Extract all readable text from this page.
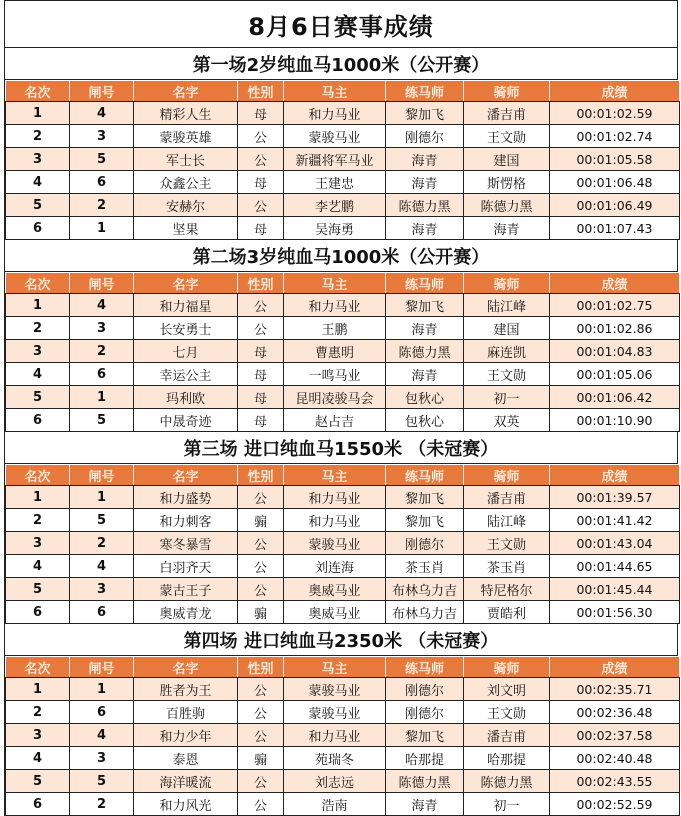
8月6日赛事成绩
第一场2岁纯血马1000米（公开赛）
名次	闸号	名字	性别	马主	练马师	骑师	成绩
1	4	精彩人生	母	和力马业	黎加飞	潘吉甫	00:01:02.59
2	3	蒙骏英雄	公	蒙骏马业	刚德尔	王文勋	00:01:02.74
3	5	军士长	公	新疆将军马业	海青	建国	00:01:05.58
4	6	众鑫公主	母	王建忠	海青	斯愣格	00:01:06.48
5	2	安赫尔	公	李艺鹏	陈德力黑	陈德力黑	00:01:06.49
6	1	坚果	母	吴海勇	海青	海青	00:01:07.43
第二场3岁纯血马1000米（公开赛）
名次	闸号	名字	性别	马主	练马师	骑师	成绩
1	4	和力福星	公	和力马业	黎加飞	陆江峰	00:01:02.75
2	3	长安勇士	公	王鹏	海青	建国	00:01:02.86
3	2	七月	母	曹惠明	陈德力黑	麻连凯	00:01:04.83
4	6	幸运公主	母	一鸣马业	海青	王文勋	00:01:05.06
5	1	玛利欧	母	昆明凌骏马会	包秋心	初一	00:01:06.42
6	5	中晟奇迹	母	赵占吉	包秋心	双英	00:01:10.90
第三场 进口纯血马1550米 （未冠赛）
名次	闸号	名字	性别	马主	练马师	骑师	成绩
1	1	和力盛势	公	和力马业	黎加飞	潘吉甫	00:01:39.57
2	5	和力刺客	骟	和力马业	黎加飞	陆江峰	00:01:41.42
3	2	寒冬暴雪	公	蒙骏马业	刚德尔	王文勋	00:01:43.04
4	4	白羽齐天	公	刘连海	茶玉肖	茶玉肖	00:01:44.65
5	3	蒙古王子	公	奥威马业	布林乌力吉	特尼格尔	00:01:45.44
6	6	奥威青龙	骟	奥威马业	布林乌力吉	贾皓利	00:01:56.30
第四场 进口纯血马2350米 （未冠赛）
名次	闸号	名字	性别	马主	练马师	骑师	成绩
1	1	胜者为王	公	蒙骏马业	刚德尔	刘文明	00:02:35.71
2	6	百胜驹	公	蒙骏马业	刚德尔	王文勋	00:02:36.48
3	4	和力少年	公	和力马业	黎加飞	潘吉甫	00:02:37.58
4	3	泰恩	骟	苑瑞冬	哈那提	哈那提	00:02:40.48
5	5	海洋暖流	公	刘志远	陈德力黑	陈德力黑	00:02:43.55
6	2	和力风光	公	浩南	海青	初一	00:02:52.59
